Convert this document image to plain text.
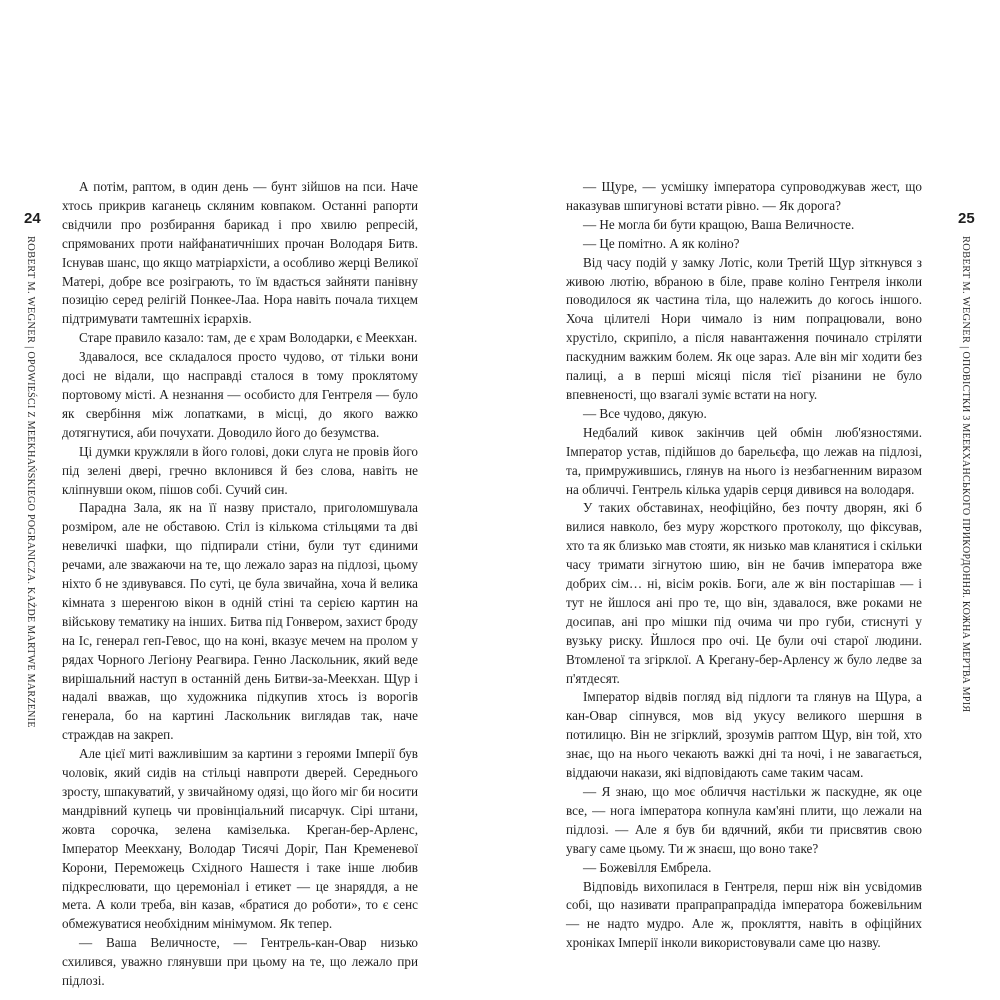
24
ROBERT M. WEGNER | OPOWIEŚCI Z MEEKHAŃSKIEGO POGRANICZA. KAŻDE MARTWE MARZENIE

А потім, раптом, в один день — бунт зійшов на пси. Наче хтось прикрив каганець скляним ковпаком. Останні рапорти свідчили про розбирання барикад і про хвилю репресій, спрямованих проти найфанатичніших прочан Володаря Битв. Існував шанс, що якщо матріархісти, а особливо жерці Великої Матері, добре все розіграють, то їм вдасться зайняти панівну позицію серед релігій Понкее-Лаа. Нора навіть почала тихцем підтримувати тамтешніх ієрархів.

Старе правило казало: там, де є храм Володарки, є Меекхан.

Здавалося, все складалося просто чудово, от тільки вони досі не відали, що насправді сталося в тому проклятому портовому місті. А незнання — особисто для Гентреля — було як свербіння між лопатками, в місці, до якого важко дотягнутися, аби почухати. Доводило його до безумства.

Ці думки кружляли в його голові, доки слуга не провів його під зелені двері, гречно вклонився й без слова, навіть не кліпнувши оком, пішов собі. Сучий син.

Парадна Зала, як на її назву пристало, приголомшувала розміром, але не обставою. Стіл із кількома стільцями та дві невеличкі шафки, що підпирали стіни, були тут єдиними речами, але зважаючи на те, що лежало зараз на підлозі, цьому ніхто б не здивувався. По суті, це була звичайна, хоча й велика кімната з шеренгою вікон в одній стіні та серією картин на військову тематику на інших. Битва під Гонвером, захист броду на Іс, генерал геп-Гевос, що на коні, вказує мечем на пролом у рядах Чорного Легіону Реагвира. Генно Ласкольник, який веде вирішальний наступ в останній день Битви-за-Меекхан. Щур і надалі вважав, що художника підкупив хтось із ворогів генерала, бо на картині Ласкольник виглядав так, наче страждав на закреп.

Але цієї миті важливішим за картини з героями Імперії був чоловік, який сидів на стільці навпроти дверей. Середнього зросту, шпакуватий, у звичайному одязі, що його міг би носити мандрівний купець чи провінціальний писарчук. Сірі штани, жовта сорочка, зелена камізелька. Креган-бер-Арленс, Імператор Меекхану, Володар Тисячі Доріг, Пан Кременевої Корони, Переможець Східного Нашестя і таке інше любив підкреслювати, що церемоніал і етикет — це знаряддя, а не мета. А коли треба, він казав, «братися до роботи», то є сенс обмежуватися необхідним мінімумом. Як тепер.

— Ваша Величносте, — Гентрель-кан-Овар низько схилився, уважно глянувши при цьому на те, що лежало при підлозі.

— Щуре, — усмішку імператора супроводжував жест, що наказував шпигунові встати рівно. — Як дорога?

— Не могла би бути кращою, Ваша Величносте.

— Це помітно. А як коліно?

Від часу подій у замку Лотіс, коли Третій Щур зіткнувся з живою лютію, вбраною в біле, праве коліно Гентреля інколи поводилося як частина тіла, що належить до когось іншого. Хоча цілителі Нори чимало із ним попрацювали, воно хрустіло, скрипіло, а після навантаження починало стріляти паскудним важким болем. Як оце зараз. Але він міг ходити без палиці, а в перші місяці після тієї різанини не було впевненості, що взагалі зуміє встати на ногу.

— Все чудово, дякую.

Недбалий кивок закінчив цей обмін люб'язностями. Імператор устав, підійшов до барельєфа, що лежав на підлозі, та, примружившись, глянув на нього із незбагненним виразом на обличчі. Гентрель кілька ударів серця дивився на володаря.

У таких обставинах, неофіційно, без почту дворян, які б вилися навколо, без муру жорсткого протоколу, що фіксував, хто та як близько мав стояти, як низько мав кланятися і скільки часу тримати зігнутою шию, він не бачив імператора вже добрих сім… ні, вісім років. Боги, але ж він постарішав — і тут не йшлося ані про те, що він, здавалося, вже роками не досипав, ані про мішки під очима чи про губи, стиснуті у вузьку риску. Йшлося про очі. Це були очі старої людини. Втомленої та згірклої. А Крегану-бер-Арленсу ж було ледве за п'ятдесят.

Імператор відвів погляд від підлоги та глянув на Щура, а кан-Овар сіпнувся, мов від укусу великого шершня в потилицю. Він не згірклий, зрозумів раптом Щур, він той, хто знає, що на нього чекають важкі дні та ночі, і не завагається, віддаючи накази, які відповідають саме таким часам.

— Я знаю, що моє обличчя настільки ж паскудне, як оце все, — нога імператора копнула кам'яні плити, що лежали на підлозі. — Але я був би вдячний, якби ти присвятив свою увагу саме цьому. Ти ж знаєш, що воно таке?

— Божевілля Ембрела.

Відповідь вихопилася в Гентреля, перш ніж він усвідомив собі, що називати прапрапрапрадіда імператора божевільним — не надто мудро. Але ж, прокляття, навіть в офіційних хроніках Імперії інколи використовували саме цю назву.

25
ROBERT M. WEGNER | ОПОВІСТКИ З МЕЕКХАНСЬКОГО ПРИКОРДОННЯ. КОЖНА МЕРТВА МРІЯ
